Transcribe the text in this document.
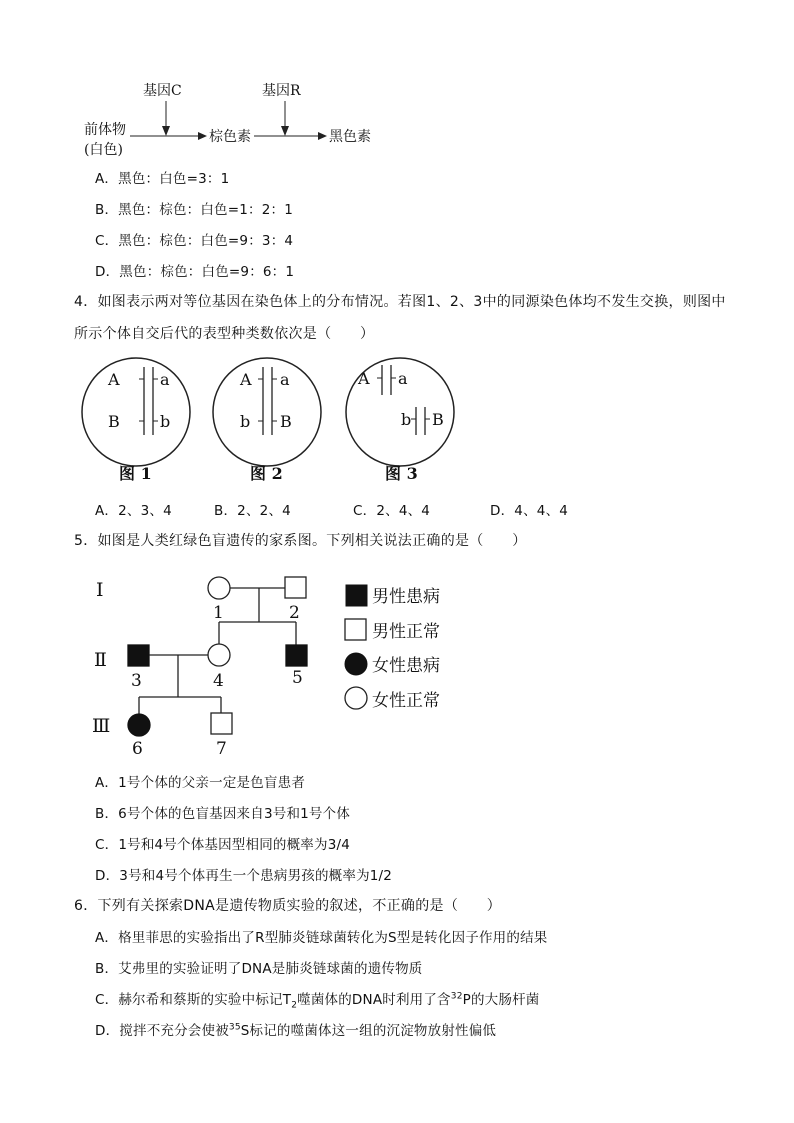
基因C	基因R
前体物
(白色)
棕色素	黑色素
A．黑色：白色=3：1
B．黑色：棕色：白色=1：2：1
C．黑色：棕色：白色=9：3：4
D．黑色：棕色：白色=9：6：1
4．如图表示两对等位基因在染色体上的分布情况。若图1、2、3中的同源染色体均不发生交换，则图中
所示个体自交后代的表型种类数依次是（　　）
A	a
B	b
图 1
A a
b B
图 2
A a
b B
图 3
A．2、3、4	B．2、2、4	C．2、4、4	D．4、4、4
5．如图是人类红绿色盲遗传的家系图。下列相关说法正确的是（　　）
Ⅰ
Ⅱ
Ⅲ
1	2
3	4	5
6	7
男性患病
男性正常
女性患病
女性正常
A．1号个体的父亲一定是色盲患者
B．6号个体的色盲基因来自3号和1号个体
C．1号和4号个体基因型相同的概率为3/4
D．3号和4号个体再生一个患病男孩的概率为1/2
6．下列有关探索DNA是遗传物质实验的叙述，不正确的是（　　）
A．格里菲思的实验指出了R型肺炎链球菌转化为S型是转化因子作用的结果
B．艾弗里的实验证明了DNA是肺炎链球菌的遗传物质
C．赫尔希和蔡斯的实验中标记$T_2$噬菌体的DNA时利用了含$^{32}$P的大肠杆菌
D．搅拌不充分会使被$^{35}$S标记的噬菌体这一组的沉淀物放射性偏低
